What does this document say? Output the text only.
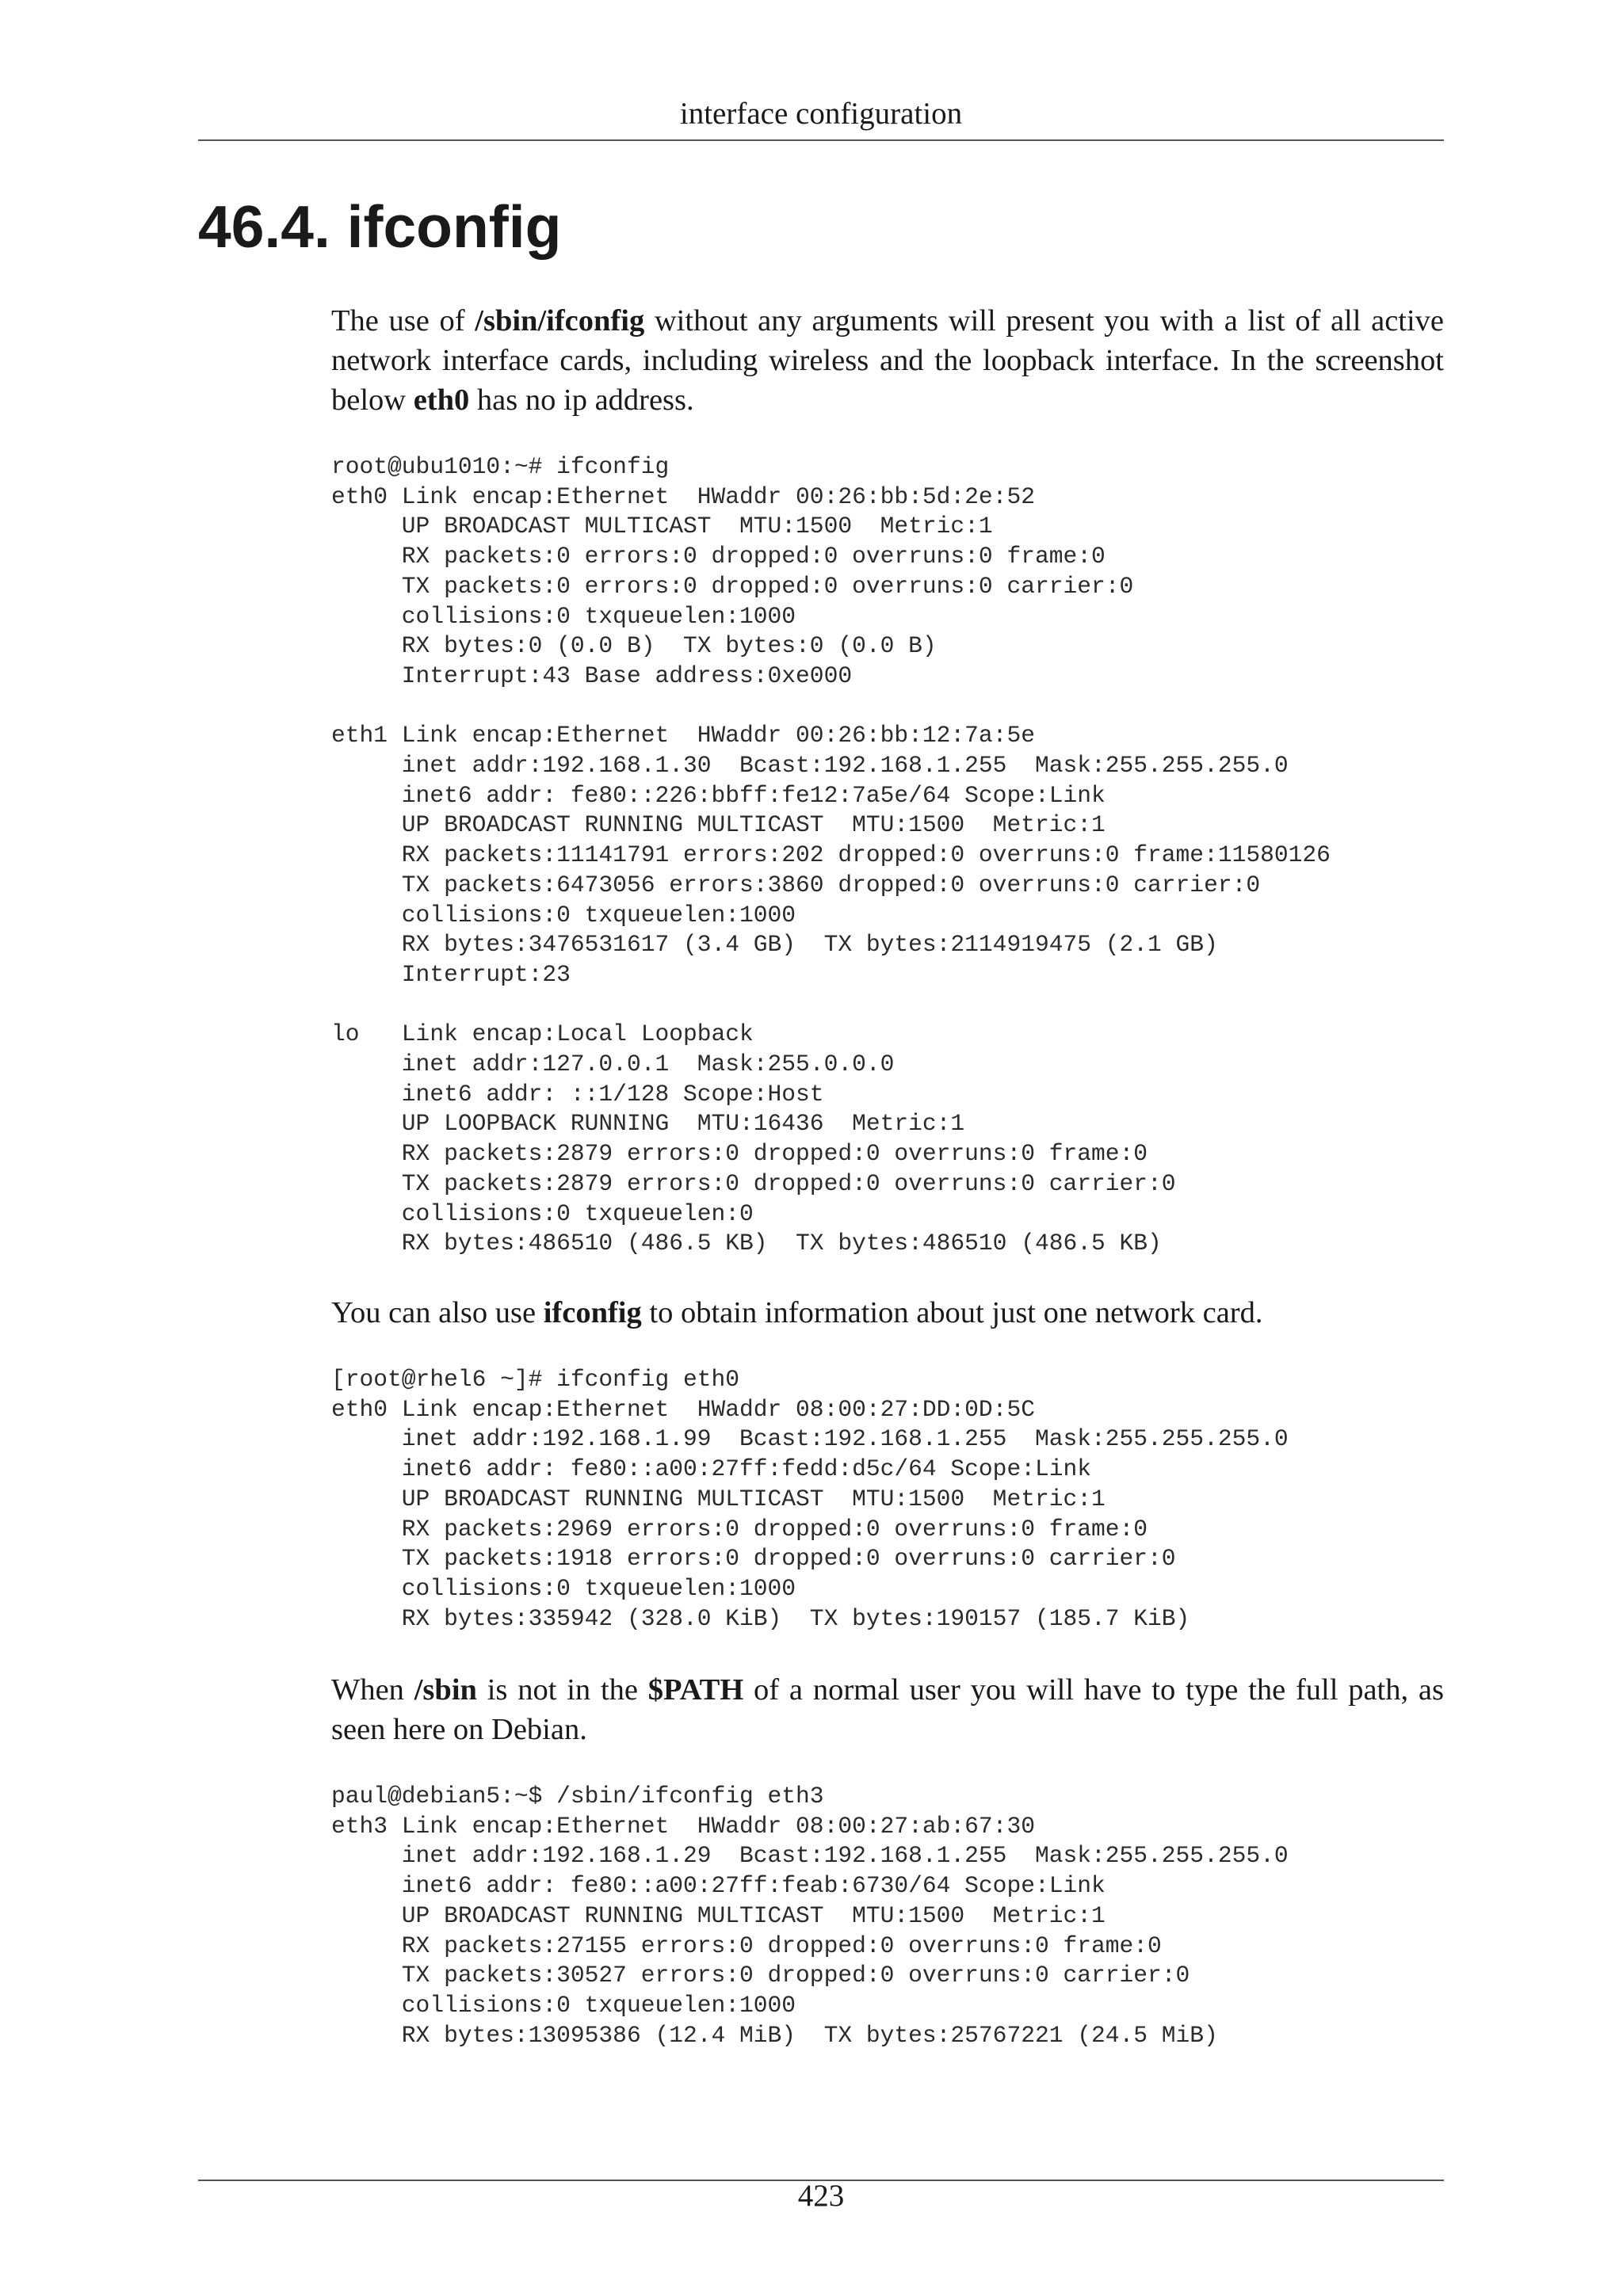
interface configuration
46.4. ifconfig

The use of /sbin/ifconfig without any arguments will present you with a list of all active network interface cards, including wireless and the loopback interface. In the screenshot below eth0 has no ip address.

root@ubu1010:~# ifconfig
eth0 Link encap:Ethernet  HWaddr 00:26:bb:5d:2e:52
UP BROADCAST MULTICAST  MTU:1500  Metric:1
RX packets:0 errors:0 dropped:0 overruns:0 frame:0
TX packets:0 errors:0 dropped:0 overruns:0 carrier:0
collisions:0 txqueuelen:1000
RX bytes:0 (0.0 B)  TX bytes:0 (0.0 B)
Interrupt:43 Base address:0xe000

eth1 Link encap:Ethernet  HWaddr 00:26:bb:12:7a:5e
inet addr:192.168.1.30  Bcast:192.168.1.255  Mask:255.255.255.0
inet6 addr: fe80::226:bbff:fe12:7a5e/64 Scope:Link
UP BROADCAST RUNNING MULTICAST  MTU:1500  Metric:1
RX packets:11141791 errors:202 dropped:0 overruns:0 frame:11580126
TX packets:6473056 errors:3860 dropped:0 overruns:0 carrier:0
collisions:0 txqueuelen:1000
RX bytes:3476531617 (3.4 GB)  TX bytes:2114919475 (2.1 GB)
Interrupt:23

lo   Link encap:Local Loopback
inet addr:127.0.0.1  Mask:255.0.0.0
inet6 addr: ::1/128 Scope:Host
UP LOOPBACK RUNNING  MTU:16436  Metric:1
RX packets:2879 errors:0 dropped:0 overruns:0 frame:0
TX packets:2879 errors:0 dropped:0 overruns:0 carrier:0
collisions:0 txqueuelen:0
RX bytes:486510 (486.5 KB)  TX bytes:486510 (486.5 KB)

You can also use ifconfig to obtain information about just one network card.

[root@rhel6 ~]# ifconfig eth0
eth0 Link encap:Ethernet  HWaddr 08:00:27:DD:0D:5C
inet addr:192.168.1.99  Bcast:192.168.1.255  Mask:255.255.255.0
inet6 addr: fe80::a00:27ff:fedd:d5c/64 Scope:Link
UP BROADCAST RUNNING MULTICAST  MTU:1500  Metric:1
RX packets:2969 errors:0 dropped:0 overruns:0 frame:0
TX packets:1918 errors:0 dropped:0 overruns:0 carrier:0
collisions:0 txqueuelen:1000
RX bytes:335942 (328.0 KiB)  TX bytes:190157 (185.7 KiB)

When /sbin is not in the $PATH of a normal user you will have to type the full path, as seen here on Debian.

paul@debian5:~$ /sbin/ifconfig eth3
eth3 Link encap:Ethernet  HWaddr 08:00:27:ab:67:30
inet addr:192.168.1.29  Bcast:192.168.1.255  Mask:255.255.255.0
inet6 addr: fe80::a00:27ff:feab:6730/64 Scope:Link
UP BROADCAST RUNNING MULTICAST  MTU:1500  Metric:1
RX packets:27155 errors:0 dropped:0 overruns:0 frame:0
TX packets:30527 errors:0 dropped:0 overruns:0 carrier:0
collisions:0 txqueuelen:1000
RX bytes:13095386 (12.4 MiB)  TX bytes:25767221 (24.5 MiB)
423
